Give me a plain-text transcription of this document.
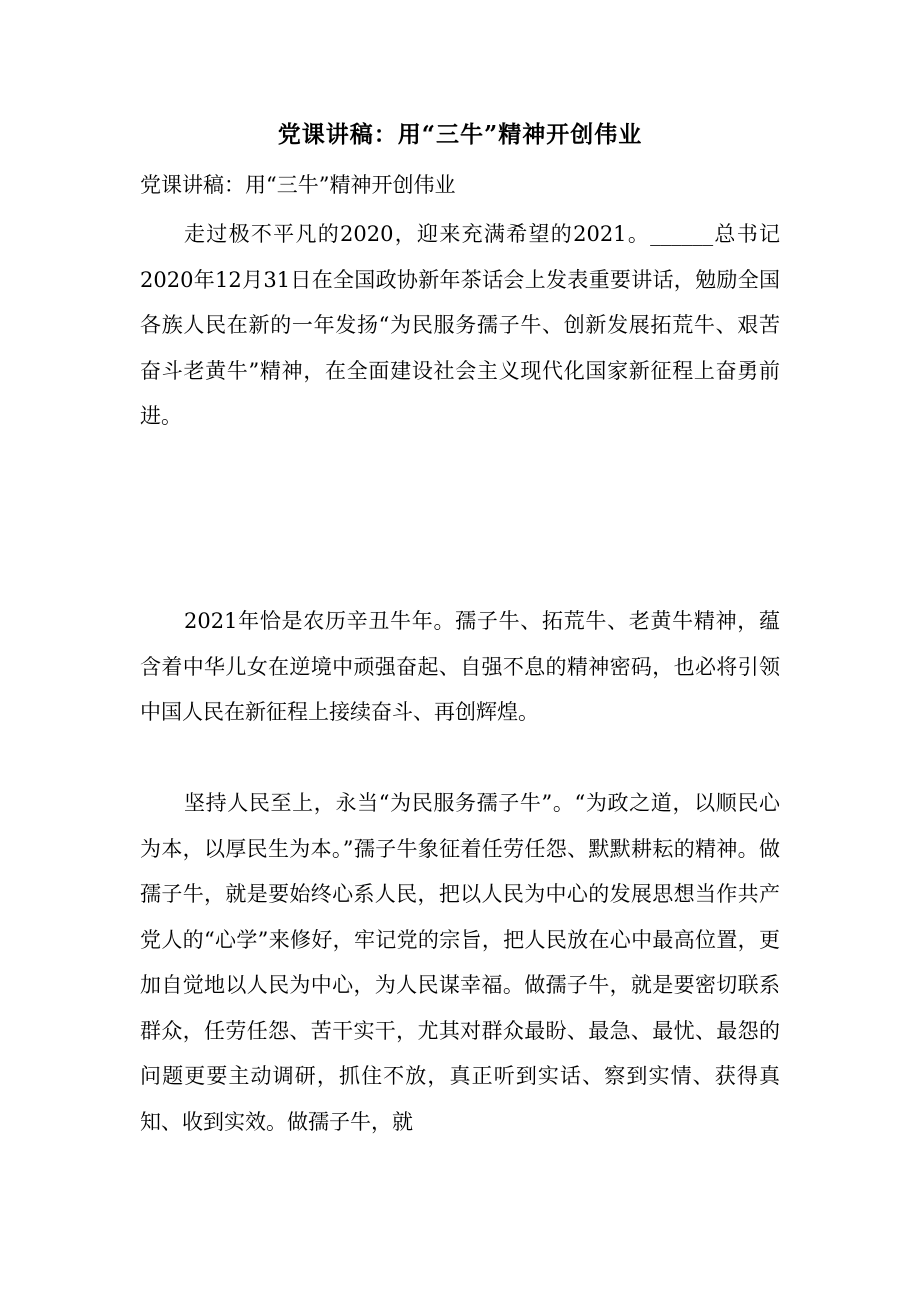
党课讲稿：用“三牛”精神开创伟业
党课讲稿：用“三牛”精神开创伟业

走过极不平凡的2020，迎来充满希望的2021。______总书记2020年12月31日在全国政协新年茶话会上发表重要讲话，勉励全国各族人民在新的一年发扬“为民服务孺子牛、创新发展拓荒牛、艰苦奋斗老黄牛”精神，在全面建设社会主义现代化国家新征程上奋勇前进。

2021年恰是农历辛丑牛年。孺子牛、拓荒牛、老黄牛精神，蕴含着中华儿女在逆境中顽强奋起、自强不息的精神密码，也必将引领中国人民在新征程上接续奋斗、再创辉煌。

坚持人民至上，永当“为民服务孺子牛”。“为政之道，以顺民心为本，以厚民生为本。”孺子牛象征着任劳任怨、默默耕耘的精神。做孺子牛，就是要始终心系人民，把以人民为中心的发展思想当作共产党人的“心学”来修好，牢记党的宗旨，把人民放在心中最高位置，更加自觉地以人民为中心，为人民谋幸福。做孺子牛，就是要密切联系群众，任劳任怨、苦干实干，尤其对群众最盼、最急、最忧、最怨的问题更要主动调研，抓住不放，真正听到实话、察到实情、获得真知、收到实效。做孺子牛，就
